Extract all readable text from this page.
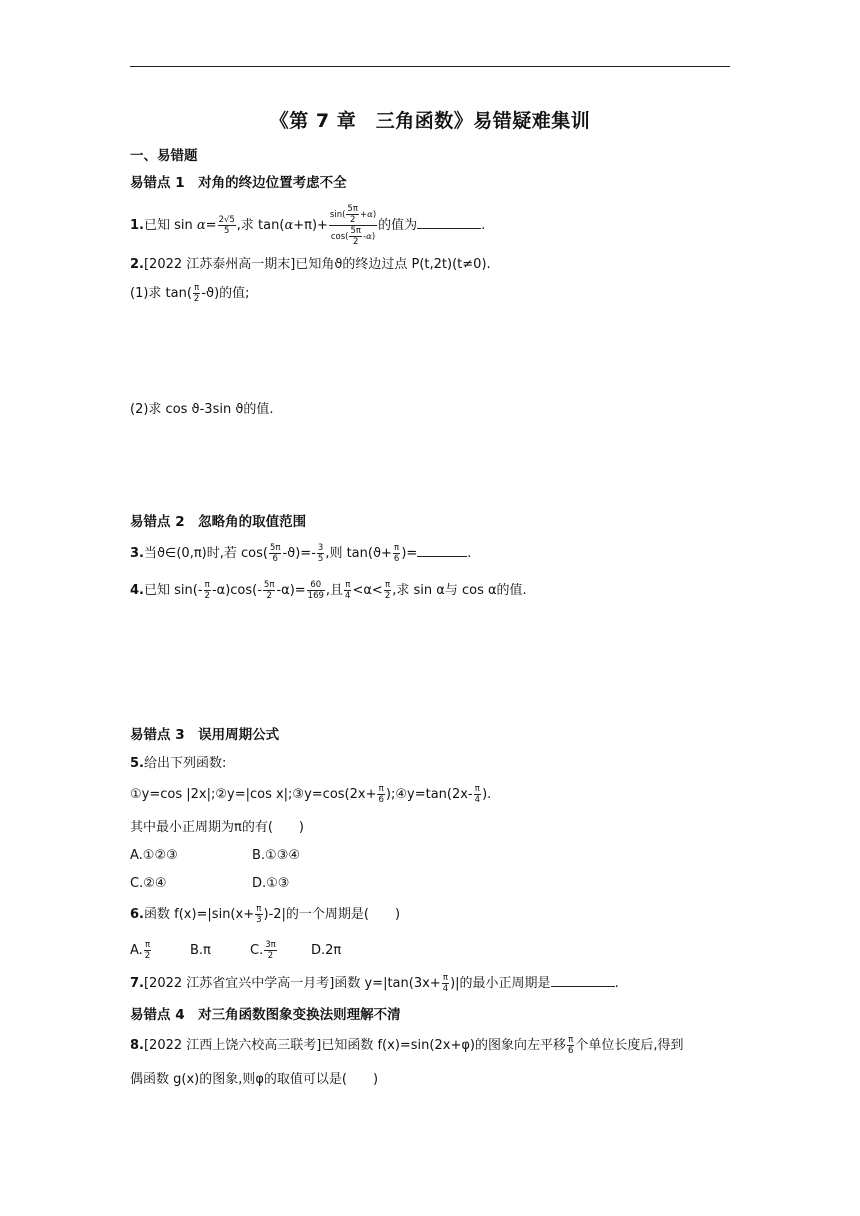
《第 7 章　三角函数》易错疑难集训
一、易错题
易错点 1　对角的终边位置考虑不全
1.已知 $\sin \alpha= \frac{2√5}{5}$ ,求 $\tan(\alpha+\pi)+ \frac{\sin( \frac{5\pi}{2} +\alpha)}{\cos( \frac{5\pi}{2} -\alpha)}$ 的值为	.
2.[2022 江苏泰州高一期末]已知角ϑ的终边过点 P(t,2t)(t≠0).
(1)求 $\tan( \frac{\pi}{2} -ϑ)$的值;
(2)求 cos ϑ-3sin ϑ的值.
易错点 2　忽略角的取值范围
3.当ϑ∈(0,π)时,若 $\cos( \frac{5\pi}{6} -ϑ)=- \frac{3}{5}$ ,则 $\tan(ϑ+ \frac{\pi}{6}$ )=	.
4.已知 $\sin(- \frac{\pi}{2} -\alpha)\cos(- \frac{5\pi}{2} -\alpha)= \frac{60}{169}$ ,且 $\frac{\pi}{4} <\alpha< \frac{\pi}{2}$ ,求 sin α与 cos α的值.
易错点 3　误用周期公式
5.给出下列函数:
①y=cos |2x|;②y=|cos x|;③y=cos(2x+ $\frac{\pi}{6}$ );④y=tan(2x- $\frac{\pi}{4}$ ).
其中最小正周期为π的有(　　)
A.①②③	B.①③④
C.②④	D.①③
6.函数 $f(x)=|\sin(x+ \frac{\pi}{3} )-2|$的一个周期是(　　)
A. $\frac{\pi}{2}$	B.π	C. $\frac{3\pi}{2}$	D.2π
7.[2022 江苏省宜兴中学高一月考]函数 $y=|\tan(3x+ \frac{\pi}{4}$ )|的最小正周期是	.
易错点 4　对三角函数图象变换法则理解不清
8.[2022 江西上饶六校高三联考]已知函数 f(x)=sin(2x+φ)的图象向左平移 $\frac{\pi}{6}$ 个单位长度后,得到
偶函数 g(x)的图象,则φ的取值可以是(　　)
